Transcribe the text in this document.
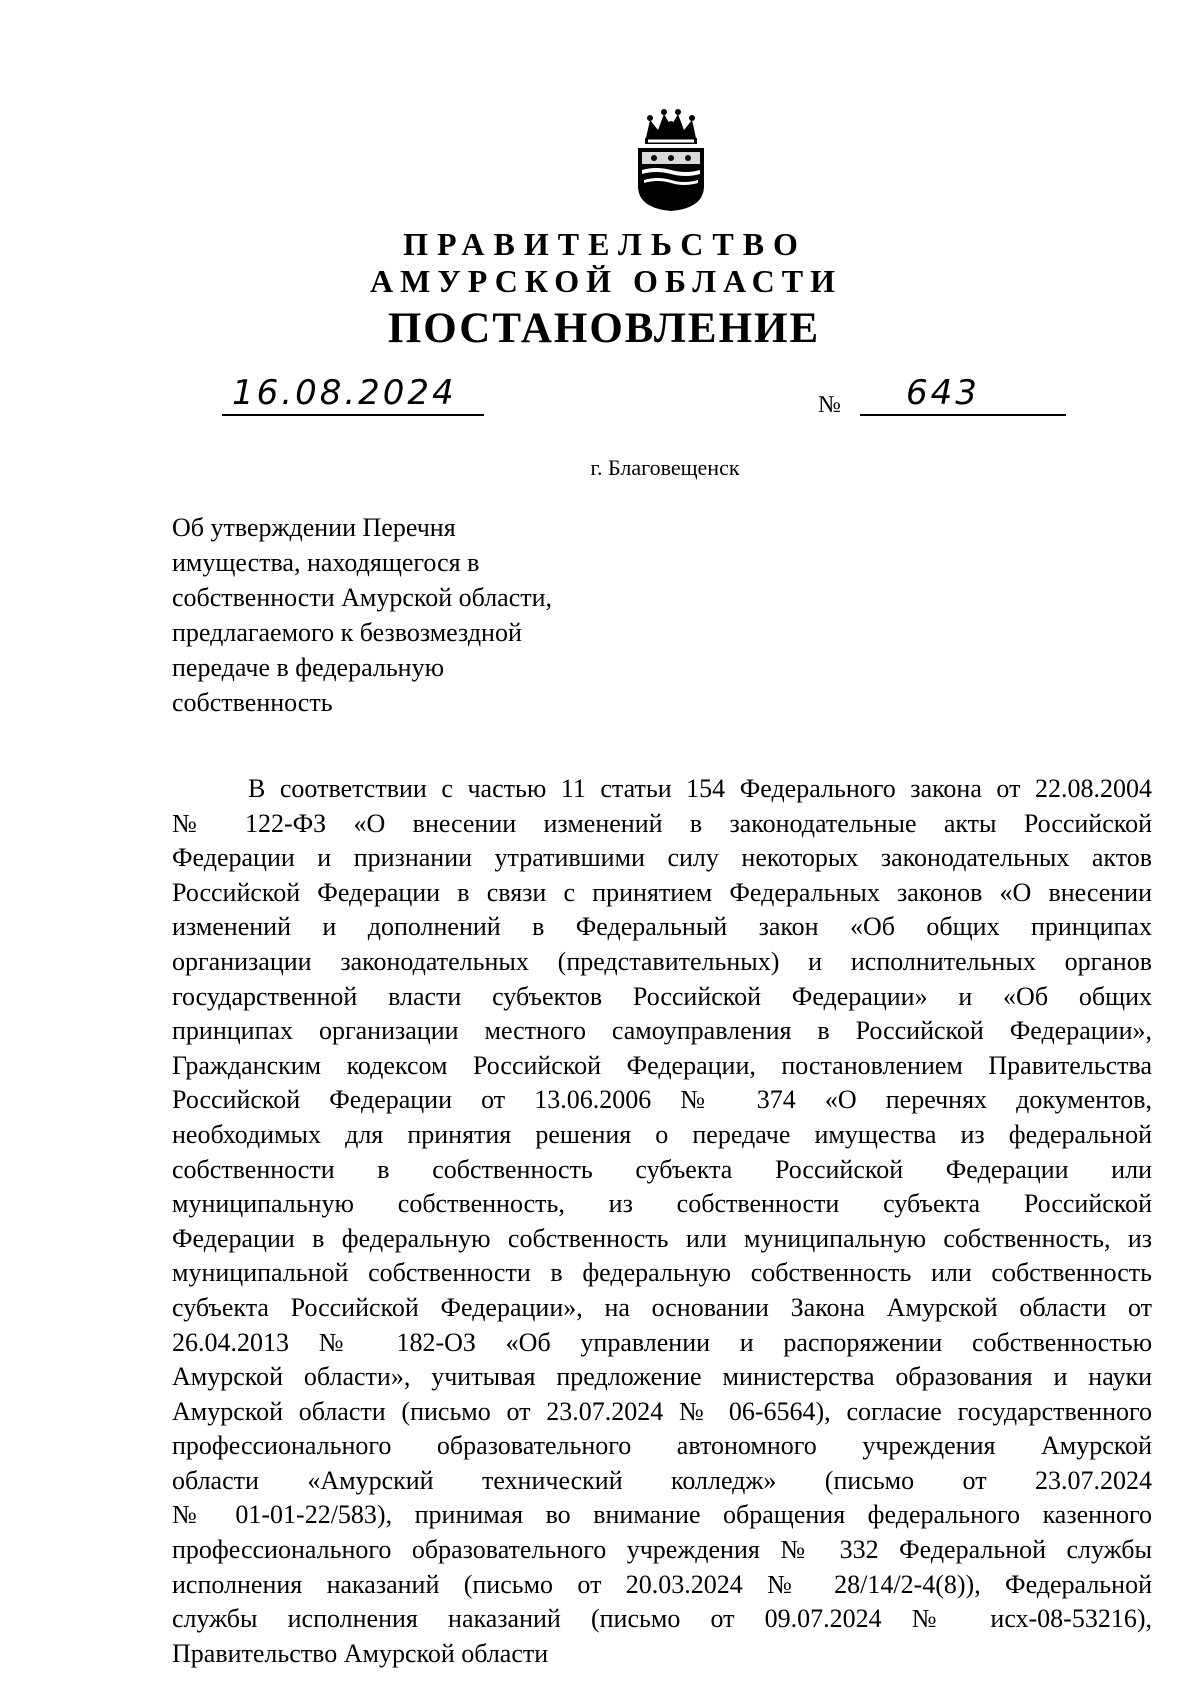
ПРАВИТЕЛЬСТВО
АМУРСКОЙ ОБЛАСТИ
ПОСТАНОВЛЕНИЕ
16.08.2024	№ 643
г. Благовещенск
Об утверждении Перечня
имущества, находящегося в
собственности Амурской области,
предлагаемого к безвозмездной
передаче в федеральную
собственность
В соответствии с частью 11 статьи 154 Федерального закона от 22.08.2004
№ 122-ФЗ «О внесении изменений в законодательные акты Российской
Федерации и признании утратившими силу некоторых законодательных актов
Российской Федерации в связи с принятием Федеральных законов «О внесении
изменений и дополнений в Федеральный закон «Об общих принципах
организации законодательных (представительных) и исполнительных органов
государственной власти субъектов Российской Федерации» и «Об общих
принципах организации местного самоуправления в Российской Федерации»,
Гражданским кодексом Российской Федерации, постановлением Правительства
Российской Федерации от 13.06.2006 № 374 «О перечнях документов,
необходимых для принятия решения о передаче имущества из федеральной
собственности в собственность субъекта Российской Федерации или
муниципальную собственность, из собственности субъекта Российской
Федерации в федеральную собственность или муниципальную собственность, из
муниципальной собственности в федеральную собственность или собственность
субъекта Российской Федерации», на основании Закона Амурской области от
26.04.2013 № 182-ОЗ «Об управлении и распоряжении собственностью
Амурской области», учитывая предложение министерства образования и науки
Амурской области (письмо от 23.07.2024 № 06-6564), согласие государственного
профессионального образовательного автономного учреждения Амурской
области «Амурский технический колледж» (письмо от 23.07.2024
№ 01-01-22/583), принимая во внимание обращения федерального казенного
профессионального образовательного учреждения № 332 Федеральной службы
исполнения наказаний (письмо от 20.03.2024 № 28/14/2-4(8)), Федеральной
службы исполнения наказаний (письмо от 09.07.2024 № исх-08-53216),
Правительство Амурской области
